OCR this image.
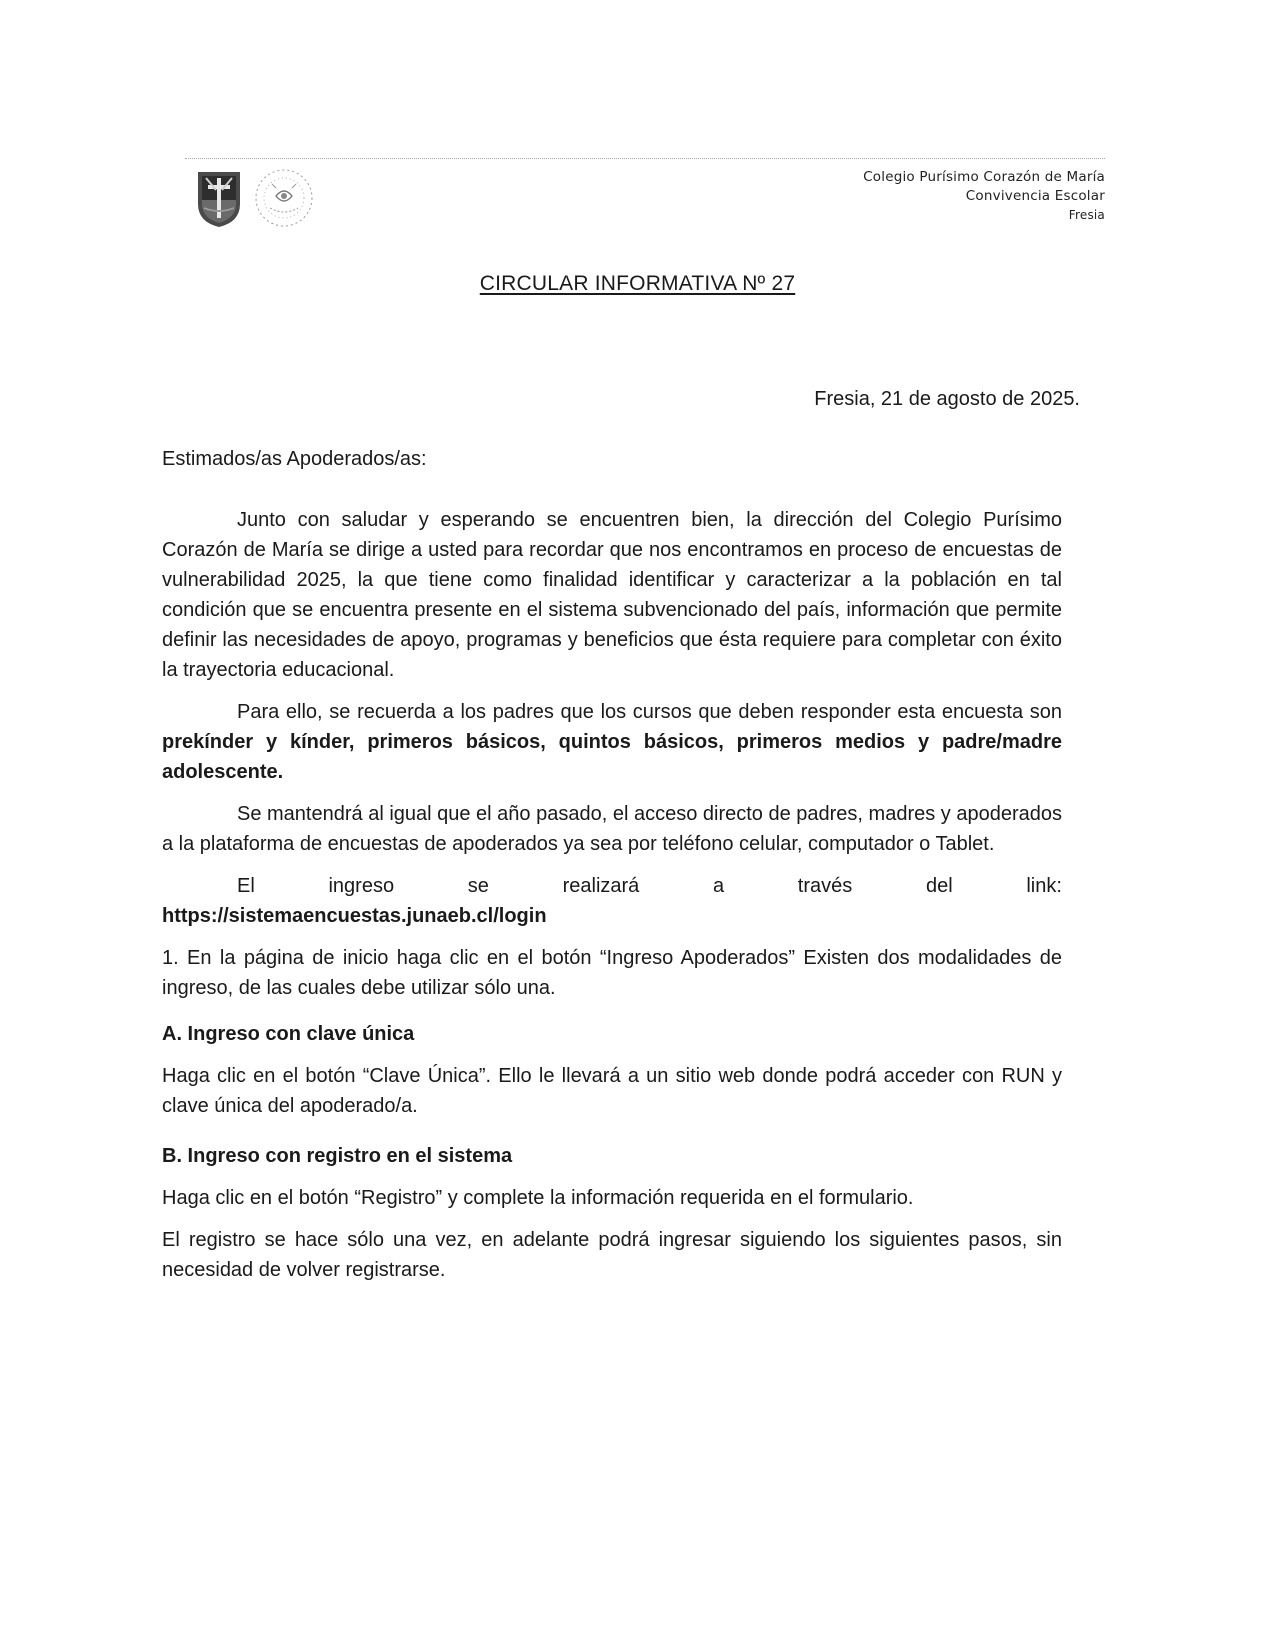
Colegio Purísimo Corazón de María
Convivencia Escolar
Fresia
CIRCULAR INFORMATIVA Nº 27
Fresia, 21 de agosto de 2025.
Estimados/as Apoderados/as:

Junto con saludar y esperando se encuentren bien, la dirección del Colegio Purísimo Corazón de María se dirige a usted para recordar que nos encontramos en proceso de encuestas de vulnerabilidad 2025, la que tiene como finalidad identificar y caracterizar a la población en tal condición que se encuentra presente en el sistema subvencionado del país, información que permite definir las necesidades de apoyo, programas y beneficios que ésta requiere para completar con éxito la trayectoria educacional.

Para ello, se recuerda a los padres que los cursos que deben responder esta encuesta son prekínder y kínder, primeros básicos, quintos básicos, primeros medios y padre/madre adolescente.

Se mantendrá al igual que el año pasado, el acceso directo de padres, madres y apoderados a la plataforma de encuestas de apoderados ya sea por teléfono celular, computador o Tablet.

El	ingreso	se	realizará	a	través	del	link:

https://sistemaencuestas.junaeb.cl/login

1. En la página de inicio haga clic en el botón “Ingreso Apoderados” Existen dos modalidades de ingreso, de las cuales debe utilizar sólo una.

A. Ingreso con clave única

Haga clic en el botón “Clave Única”. Ello le llevará a un sitio web donde podrá acceder con RUN y clave única del apoderado/a.

B. Ingreso con registro en el sistema

Haga clic en el botón “Registro” y complete la información requerida en el formulario.

El registro se hace sólo una vez, en adelante podrá ingresar siguiendo los siguientes pasos, sin necesidad de volver registrarse.
